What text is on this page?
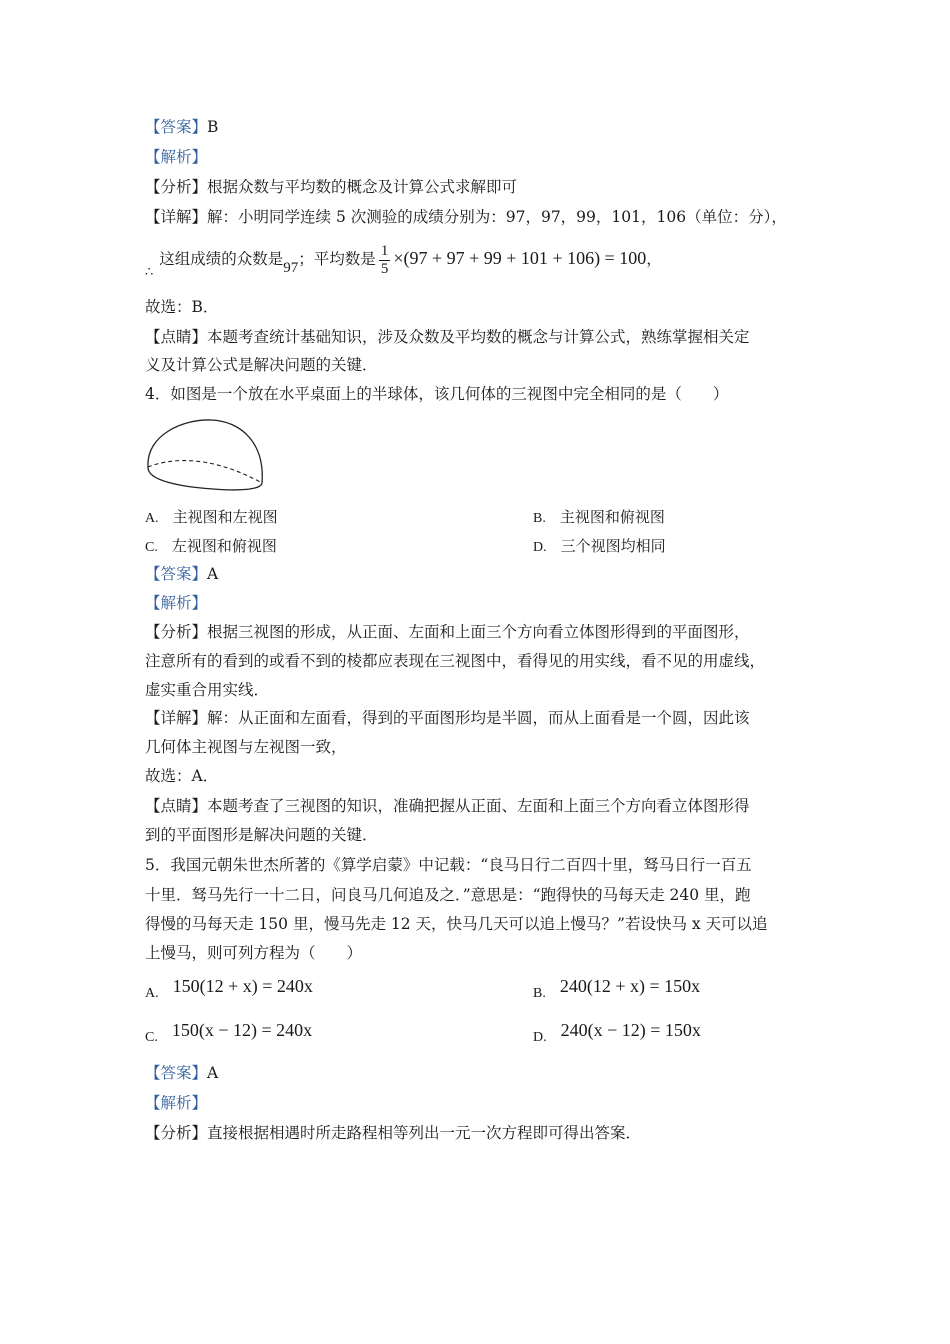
【答案】B
【解析】
【分析】根据众数与平均数的概念及计算公式求解即可
【详解】解：小明同学连续 5 次测验的成绩分别为：97，97，99，101，106（单位：分），
$_\therefore$这组成绩的众数是97；平均数是 $\frac{1}{5} \times(97 + 97 + 99 + 101 + 106) = 100$，
故选：B．
【点睛】本题考查统计基础知识，涉及众数及平均数的概念与计算公式，熟练掌握相关定
义及计算公式是解决问题的关键．
4．如图是一个放在水平桌面上的半球体，该几何体的三视图中完全相同的是（　　）
A. 主视图和左视图	B. 主视图和俯视图
C. 左视图和俯视图	D. 三个视图均相同
【答案】A
【解析】
【分析】根据三视图的形成，从正面、左面和上面三个方向看立体图形得到的平面图形，
注意所有的看到的或看不到的棱都应表现在三视图中，看得见的用实线，看不见的用虚线，
虚实重合用实线．
【详解】解：从正面和左面看，得到的平面图形均是半圆，而从上面看是一个圆，因此该
几何体主视图与左视图一致，
故选：A．
【点睛】本题考查了三视图的知识，准确把握从正面、左面和上面三个方向看立体图形得
到的平面图形是解决问题的关键．
5．我国元朝朱世杰所著的《算学启蒙》中记载：“良马日行二百四十里，驽马日行一百五
十里．驽马先行一十二日，问良马几何追及之．”意思是：“跑得快的马每天走 240 里，跑
得慢的马每天走 150 里，慢马先走 12 天，快马几天可以追上慢马？”若设快马 x 天可以追
上慢马，则可列方程为（　　）
A. 150(12 + x) = 240x	B. 240(12 + x) = 150x
C. 150(x − 12) = 240x	D. 240(x − 12) = 150x
【答案】A
【解析】
【分析】直接根据相遇时所走路程相等列出一元一次方程即可得出答案．
